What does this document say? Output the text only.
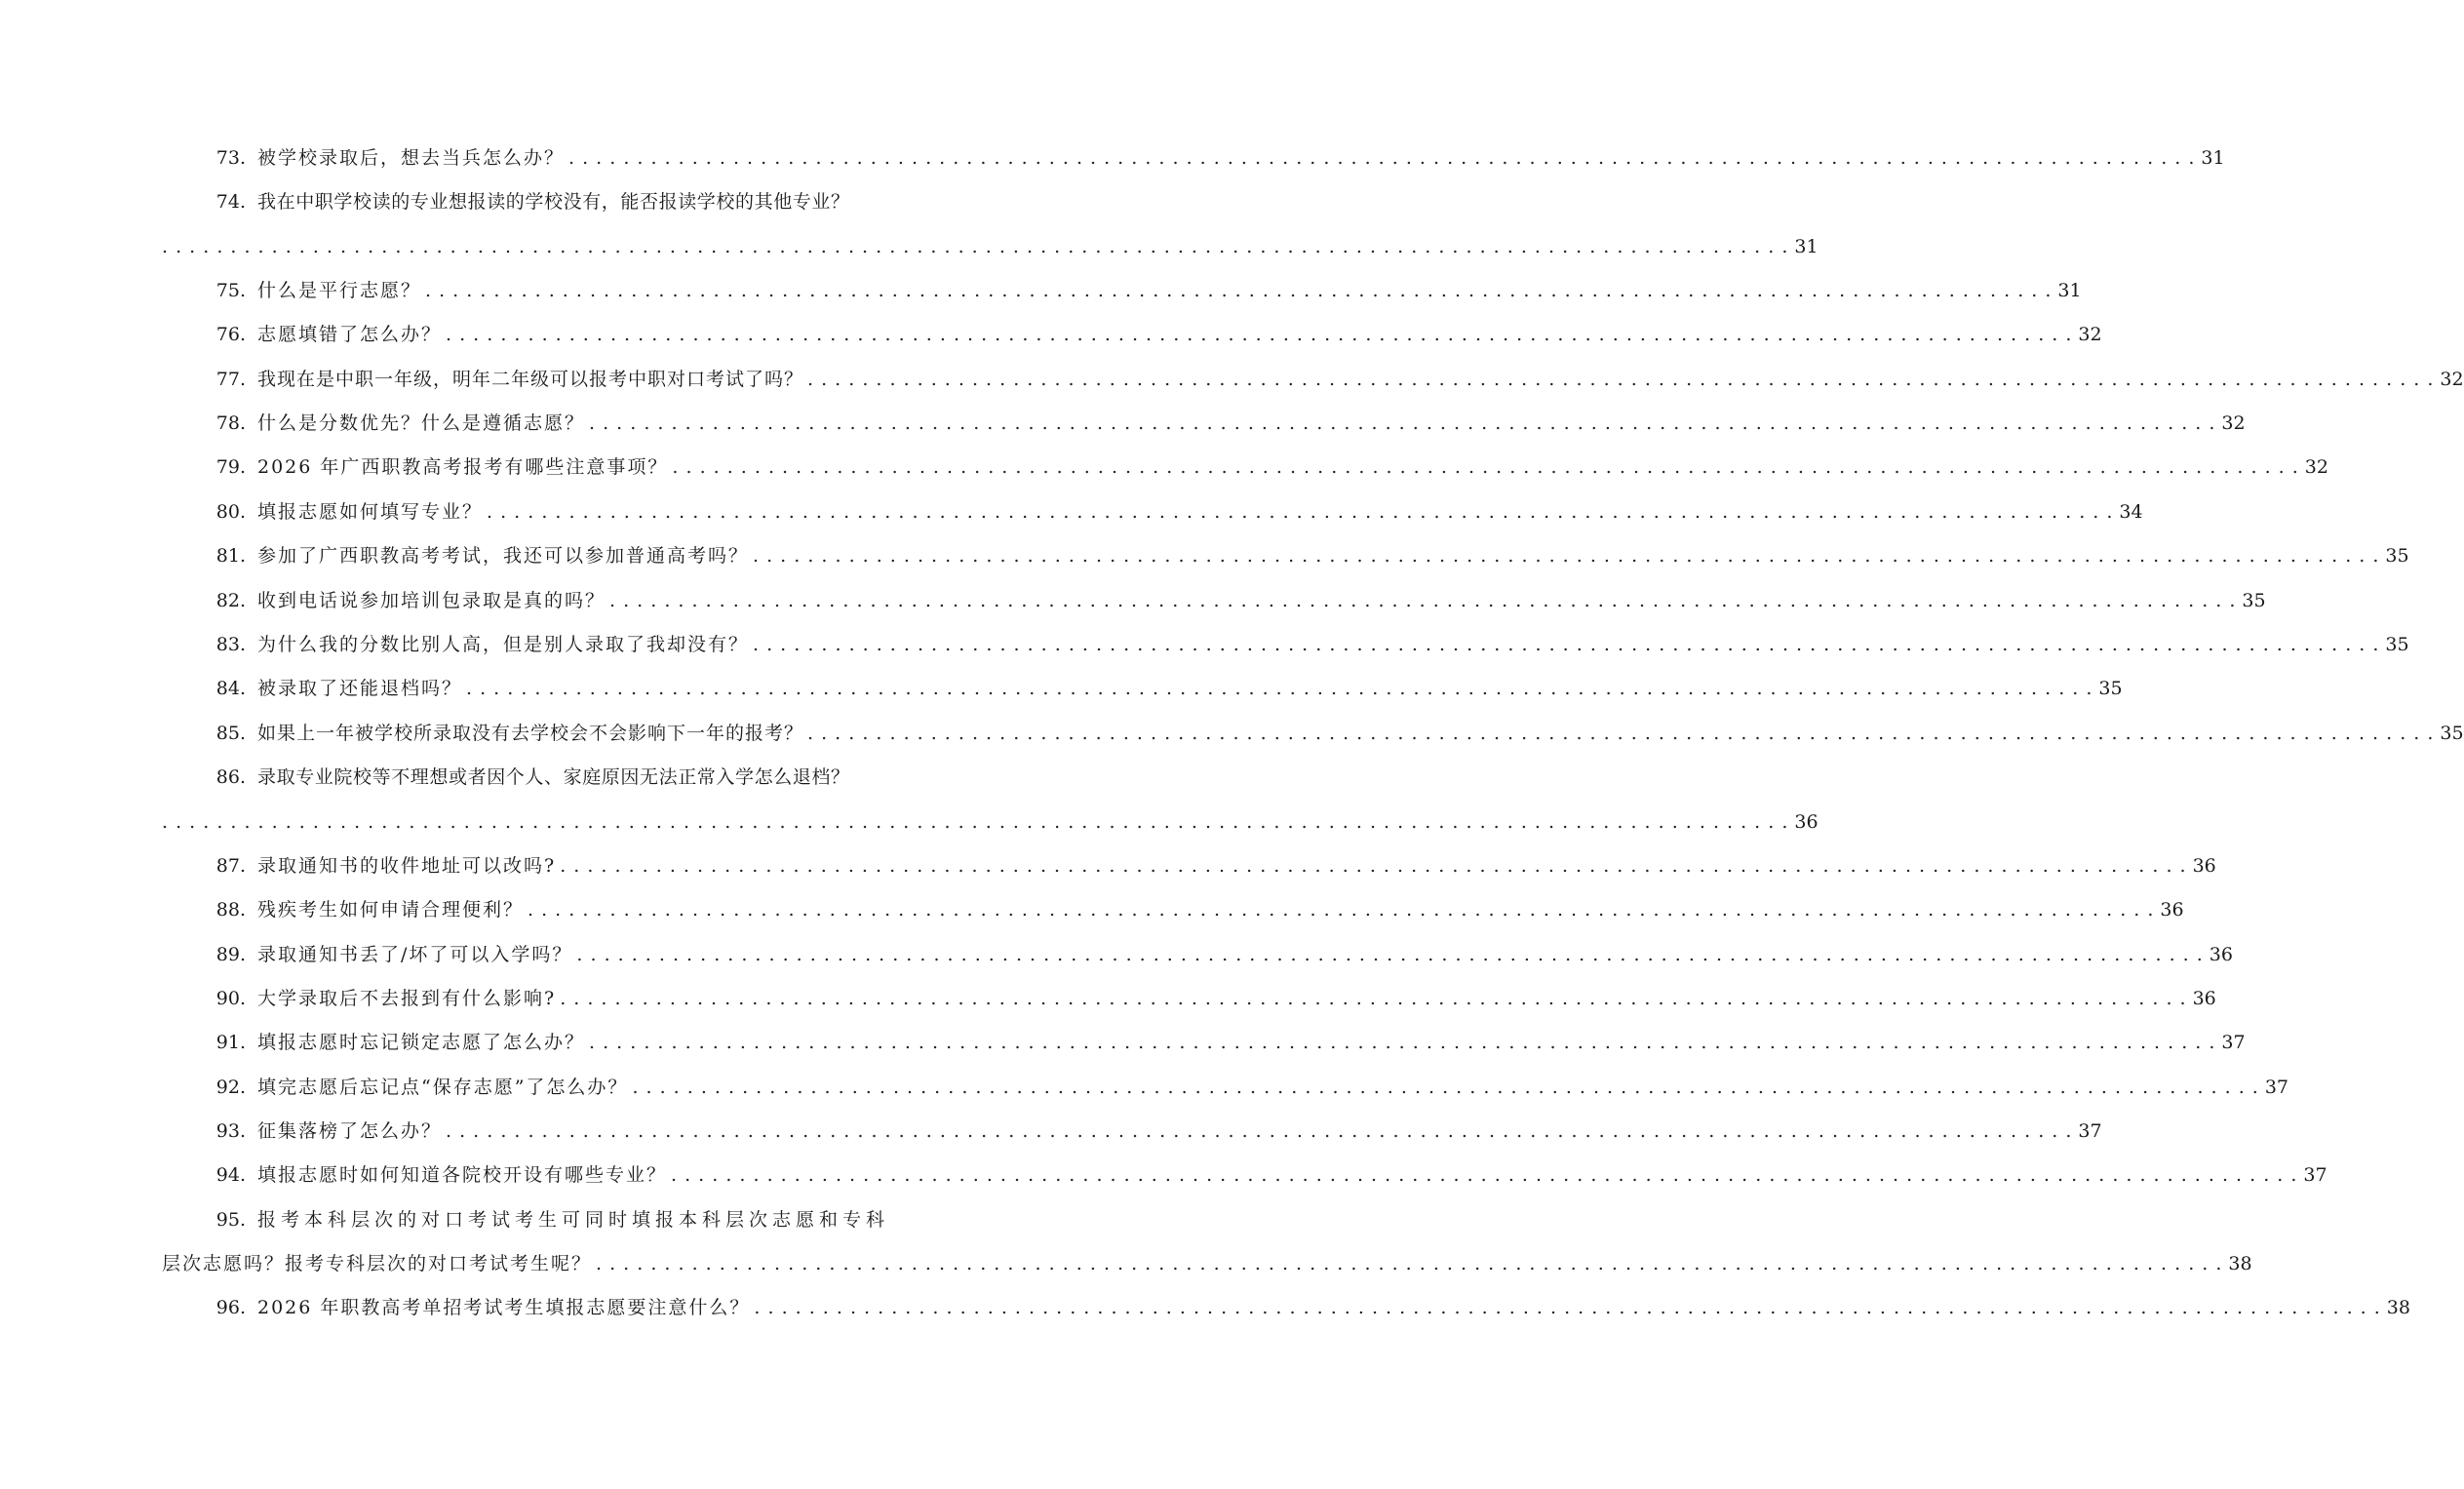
73. 被学校录取后，想去当兵怎么办？ . . . . . . . . . . . . . . . . . . . . . . . . . . . . . . . . . . . . . . . . . . . . . . . . . . . . . . . . . . . . . . . . . . . . . . . . . . . . . . . . . . . . . . . . . . . . . . . . . . . . . . . . . . . . . . . . . . . . . . . 31
74. 我在中职学校读的专业想报读的学校没有，能否报读学校的其他专业？
. . . . . . . . . . . . . . . . . . . . . . . . . . . . . . . . . . . . . . . . . . . . . . . . . . . . . . . . . . . . . . . . . . . . . . . . . . . . . . . . . . . . . . . . . . . . . . . . . . . . . . . . . . . . . . . . . . . . . . . 31
75. 什么是平行志愿？ . . . . . . . . . . . . . . . . . . . . . . . . . . . . . . . . . . . . . . . . . . . . . . . . . . . . . . . . . . . . . . . . . . . . . . . . . . . . . . . . . . . . . . . . . . . . . . . . . . . . . . . . . . . . . . . . . . . . . . . 31
76. 志愿填错了怎么办？ . . . . . . . . . . . . . . . . . . . . . . . . . . . . . . . . . . . . . . . . . . . . . . . . . . . . . . . . . . . . . . . . . . . . . . . . . . . . . . . . . . . . . . . . . . . . . . . . . . . . . . . . . . . . . . . . . . . . . . . 32
77. 我现在是中职一年级，明年二年级可以报考中职对口考试了吗？ . . . . . . . . . . . . . . . . . . . . . . . . . . . . . . . . . . . . . . . . . . . . . . . . . . . . . . . . . . . . . . . . . . . . . . . . . . . . . . . . . . . . . . . . . . . . . . . . . . . . . . . . . . . . . . . . . . . . . . . 32
78. 什么是分数优先？什么是遵循志愿？ . . . . . . . . . . . . . . . . . . . . . . . . . . . . . . . . . . . . . . . . . . . . . . . . . . . . . . . . . . . . . . . . . . . . . . . . . . . . . . . . . . . . . . . . . . . . . . . . . . . . . . . . . . . . . . . . . . . . . . . 32
79. 2026 年广西职教高考报考有哪些注意事项？ . . . . . . . . . . . . . . . . . . . . . . . . . . . . . . . . . . . . . . . . . . . . . . . . . . . . . . . . . . . . . . . . . . . . . . . . . . . . . . . . . . . . . . . . . . . . . . . . . . . . . . . . . . . . . . . . . . . . . . . 32
80. 填报志愿如何填写专业？ . . . . . . . . . . . . . . . . . . . . . . . . . . . . . . . . . . . . . . . . . . . . . . . . . . . . . . . . . . . . . . . . . . . . . . . . . . . . . . . . . . . . . . . . . . . . . . . . . . . . . . . . . . . . . . . . . . . . . . . 34
81. 参加了广西职教高考考试，我还可以参加普通高考吗？ . . . . . . . . . . . . . . . . . . . . . . . . . . . . . . . . . . . . . . . . . . . . . . . . . . . . . . . . . . . . . . . . . . . . . . . . . . . . . . . . . . . . . . . . . . . . . . . . . . . . . . . . . . . . . . . . . . . . . . . 35
82. 收到电话说参加培训包录取是真的吗？ . . . . . . . . . . . . . . . . . . . . . . . . . . . . . . . . . . . . . . . . . . . . . . . . . . . . . . . . . . . . . . . . . . . . . . . . . . . . . . . . . . . . . . . . . . . . . . . . . . . . . . . . . . . . . . . . . . . . . . . 35
83. 为什么我的分数比别人高，但是别人录取了我却没有？ . . . . . . . . . . . . . . . . . . . . . . . . . . . . . . . . . . . . . . . . . . . . . . . . . . . . . . . . . . . . . . . . . . . . . . . . . . . . . . . . . . . . . . . . . . . . . . . . . . . . . . . . . . . . . . . . . . . . . . . 35
84. 被录取了还能退档吗？ . . . . . . . . . . . . . . . . . . . . . . . . . . . . . . . . . . . . . . . . . . . . . . . . . . . . . . . . . . . . . . . . . . . . . . . . . . . . . . . . . . . . . . . . . . . . . . . . . . . . . . . . . . . . . . . . . . . . . . . 35
85. 如果上一年被学校所录取没有去学校会不会影响下一年的报考？ . . . . . . . . . . . . . . . . . . . . . . . . . . . . . . . . . . . . . . . . . . . . . . . . . . . . . . . . . . . . . . . . . . . . . . . . . . . . . . . . . . . . . . . . . . . . . . . . . . . . . . . . . . . . . . . . . . . . . . . 35
86. 录取专业院校等不理想或者因个人、家庭原因无法正常入学怎么退档？
. . . . . . . . . . . . . . . . . . . . . . . . . . . . . . . . . . . . . . . . . . . . . . . . . . . . . . . . . . . . . . . . . . . . . . . . . . . . . . . . . . . . . . . . . . . . . . . . . . . . . . . . . . . . . . . . . . . . . . . 36
87. 录取通知书的收件地址可以改吗? . . . . . . . . . . . . . . . . . . . . . . . . . . . . . . . . . . . . . . . . . . . . . . . . . . . . . . . . . . . . . . . . . . . . . . . . . . . . . . . . . . . . . . . . . . . . . . . . . . . . . . . . . . . . . . . . . . . . . . . 36
88. 残疾考生如何申请合理便利？ . . . . . . . . . . . . . . . . . . . . . . . . . . . . . . . . . . . . . . . . . . . . . . . . . . . . . . . . . . . . . . . . . . . . . . . . . . . . . . . . . . . . . . . . . . . . . . . . . . . . . . . . . . . . . . . . . . . . . . . 36
89. 录取通知书丢了/坏了可以入学吗？ . . . . . . . . . . . . . . . . . . . . . . . . . . . . . . . . . . . . . . . . . . . . . . . . . . . . . . . . . . . . . . . . . . . . . . . . . . . . . . . . . . . . . . . . . . . . . . . . . . . . . . . . . . . . . . . . . . . . . . . 36
90. 大学录取后不去报到有什么影响? . . . . . . . . . . . . . . . . . . . . . . . . . . . . . . . . . . . . . . . . . . . . . . . . . . . . . . . . . . . . . . . . . . . . . . . . . . . . . . . . . . . . . . . . . . . . . . . . . . . . . . . . . . . . . . . . . . . . . . . 36
91. 填报志愿时忘记锁定志愿了怎么办？ . . . . . . . . . . . . . . . . . . . . . . . . . . . . . . . . . . . . . . . . . . . . . . . . . . . . . . . . . . . . . . . . . . . . . . . . . . . . . . . . . . . . . . . . . . . . . . . . . . . . . . . . . . . . . . . . . . . . . . . 37
92. 填完志愿后忘记点“保存志愿”了怎么办？ . . . . . . . . . . . . . . . . . . . . . . . . . . . . . . . . . . . . . . . . . . . . . . . . . . . . . . . . . . . . . . . . . . . . . . . . . . . . . . . . . . . . . . . . . . . . . . . . . . . . . . . . . . . . . . . . . . . . . . . 37
93. 征集落榜了怎么办？ . . . . . . . . . . . . . . . . . . . . . . . . . . . . . . . . . . . . . . . . . . . . . . . . . . . . . . . . . . . . . . . . . . . . . . . . . . . . . . . . . . . . . . . . . . . . . . . . . . . . . . . . . . . . . . . . . . . . . . . 37
94. 填报志愿时如何知道各院校开设有哪些专业？ . . . . . . . . . . . . . . . . . . . . . . . . . . . . . . . . . . . . . . . . . . . . . . . . . . . . . . . . . . . . . . . . . . . . . . . . . . . . . . . . . . . . . . . . . . . . . . . . . . . . . . . . . . . . . . . . . . . . . . . 37
95. 报考本科层次的对口考试考生可同时填报本科层次志愿和专科
层次志愿吗？报考专科层次的对口考试考生呢？ . . . . . . . . . . . . . . . . . . . . . . . . . . . . . . . . . . . . . . . . . . . . . . . . . . . . . . . . . . . . . . . . . . . . . . . . . . . . . . . . . . . . . . . . . . . . . . . . . . . . . . . . . . . . . . . . . . . . . . . 38
96. 2026 年职教高考单招考试考生填报志愿要注意什么？ . . . . . . . . . . . . . . . . . . . . . . . . . . . . . . . . . . . . . . . . . . . . . . . . . . . . . . . . . . . . . . . . . . . . . . . . . . . . . . . . . . . . . . . . . . . . . . . . . . . . . . . . . . . . . . . . . . . . . . . 38
